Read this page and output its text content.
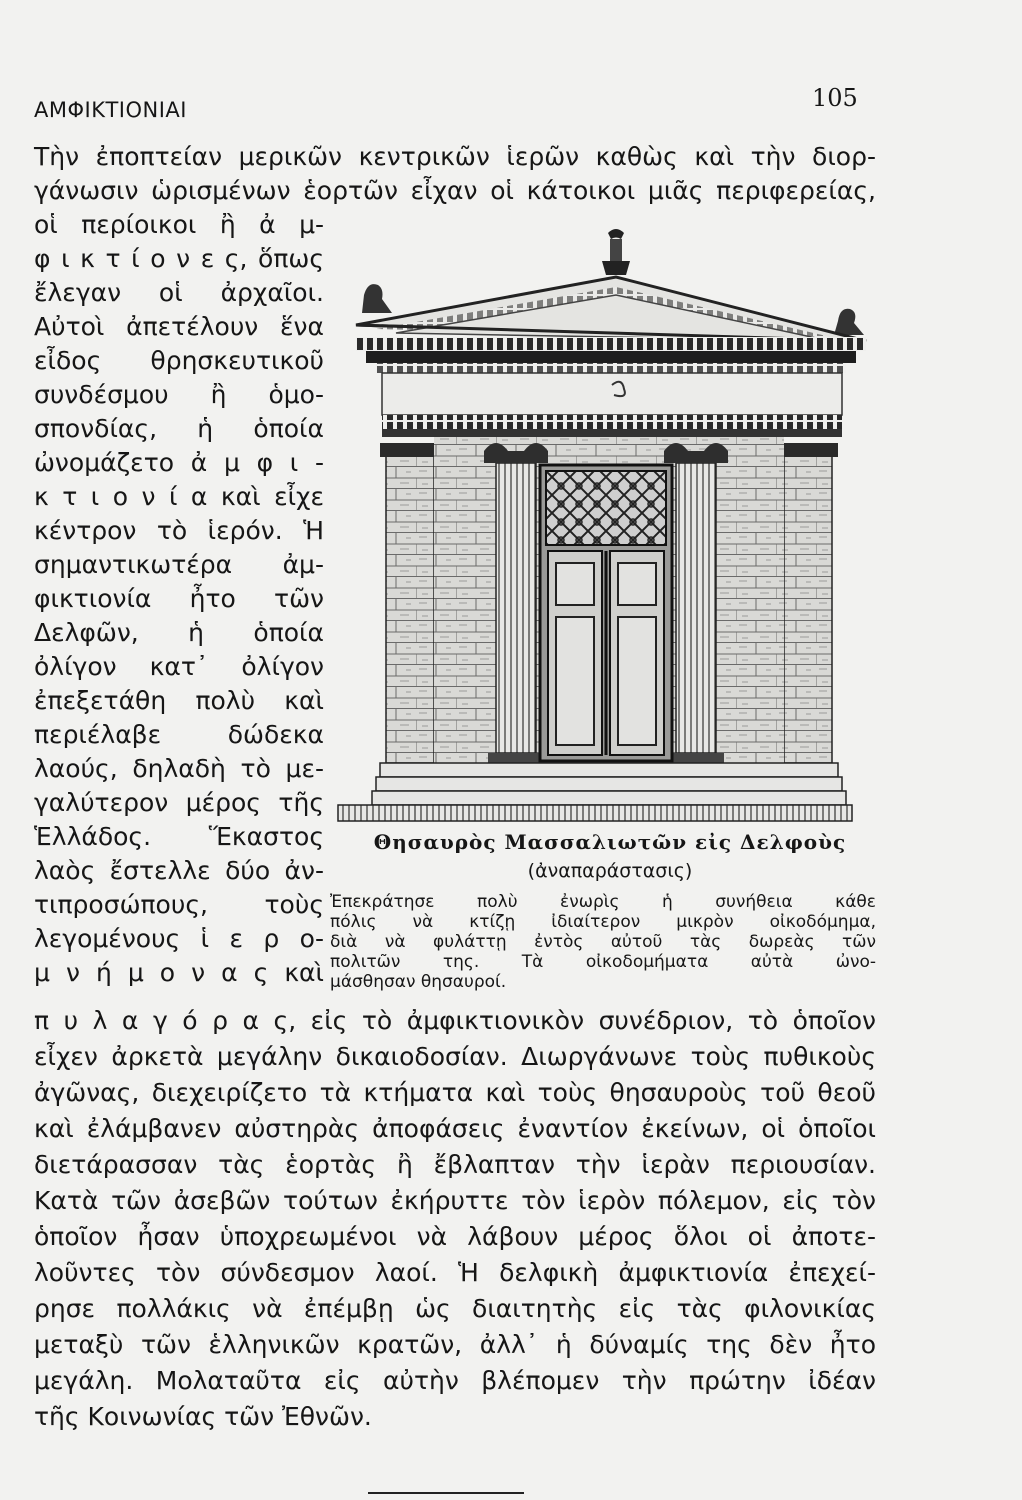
ΑΜΦΙΚΤΙΟΝΙΑΙ	105
Τὴν ἐποπτείαν μερικῶν κεντρικῶν ἱερῶν καθὼς καὶ τὴν διορ-
γάνωσιν ὡρισμένων ἑορτῶν εἶχαν οἱ κάτοικοι μιᾶς περιφερείας,
οἱ περίοικοι ἢ ἀ μ-
φ ι κ τ ί ο ν ε ς, ὅπως
ἔλεγαν οἱ ἀρχαῖοι.
Αὐτοὶ ἀπετέλουν ἕνα
εἶδος θρησκευτικοῦ
συνδέσμου ἢ ὁμο-
σπονδίας, ἡ ὁποία
ὠνομάζετο ἀ μ φ ι -
κ τ ι ο ν ί α καὶ εἶχε
κέντρον τὸ ἱερόν. Ἡ
σημαντικωτέρα ἀμ-
φικτιονία ἦτο τῶν
Δελφῶν, ἡ ὁποία
ὀλίγον κατ᾽ ὀλίγον
ἐπεξετάθη πολὺ καὶ
περιέλαβε δώδεκα
λαούς, δηλαδὴ τὸ με-
γαλύτερον μέρος τῆς
Ἑλλάδος. Ἕκαστος
λαὸς ἔστελλε δύο ἀν-
τιπροσώπους, τοὺς
λεγομένους ἱ ε ρ ο-
μ ν ή μ ο ν α ς καὶ
π υ λ α γ ό ρ α ς, εἰς τὸ ἀμφικτιονικὸν συνέδριον, τὸ ὁποῖον
εἶχεν ἀρκετὰ μεγάλην δικαιοδοσίαν. Διωργάνωνε τοὺς πυθικοὺς
ἀγῶνας, διεχειρίζετο τὰ κτήματα καὶ τοὺς θησαυροὺς τοῦ θεοῦ
καὶ ἐλάμβανεν αὐστηρὰς ἀποφάσεις ἐναντίον ἐκείνων, οἱ ὁποῖοι
διετάρασσαν τὰς ἑορτὰς ἢ ἔβλαπταν τὴν ἱερὰν περιουσίαν.
Κατὰ τῶν ἀσεβῶν τούτων ἐκήρυττε τὸν ἱερὸν πόλεμον, εἰς τὸν
ὁποῖον ἦσαν ὑποχρεωμένοι νὰ λάβουν μέρος ὅλοι οἱ ἀποτε-
λοῦντες τὸν σύνδεσμον λαοί. Ἡ δελφικὴ ἀμφικτιονία ἐπεχεί-
ρησε πολλάκις νὰ ἐπέμβῃ ὡς διαιτητὴς εἰς τὰς φιλονικίας
μεταξὺ τῶν ἑλληνικῶν κρατῶν, ἀλλ᾽ ἡ δύναμίς της δὲν ἦτο
μεγάλη. Μολαταῦτα εἰς αὐτὴν βλέπομεν τὴν πρώτην ἰδέαν
τῆς Κοινωνίας τῶν Ἐθνῶν.
Θησαυρὸς Μασσαλιωτῶν εἰς Δελφοὺς
(ἀναπαράστασις)
Ἐπεκράτησε πολὺ ἐνωρὶς ἡ συνήθεια κάθε
πόλις νὰ κτίζῃ ἰδιαίτερον μικρὸν οἰκοδόμημα,
διὰ νὰ φυλάττῃ ἐντὸς αὐτοῦ τὰς δωρεὰς τῶν
πολιτῶν της. Τὰ οἰκοδομήματα αὐτὰ ὠνο-
μάσθησαν θησαυροί.
